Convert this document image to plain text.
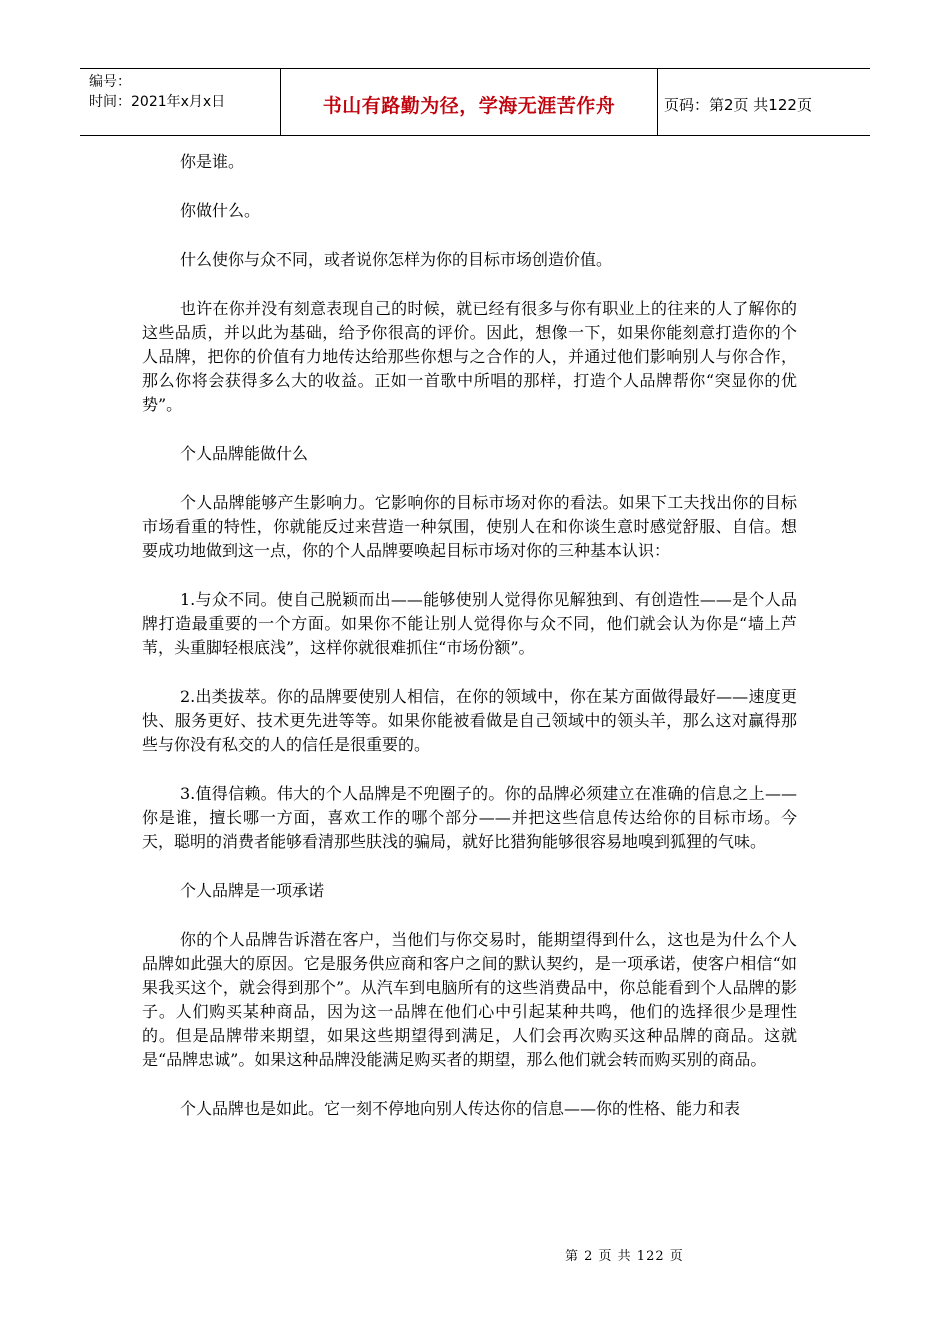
编号：
时间：2021年x月x日	书山有路勤为径，学海无涯苦作舟	页码：第2页 共122页

你是谁。

你做什么。

什么使你与众不同，或者说你怎样为你的目标市场创造价值。

也许在你并没有刻意表现自己的时候，就已经有很多与你有职业上的往来的人了解你的这些品质，并以此为基础，给予你很高的评价。因此，想像一下，如果你能刻意打造你的个人品牌，把你的价值有力地传达给那些你想与之合作的人，并通过他们影响别人与你合作，那么你将会获得多么大的收益。正如一首歌中所唱的那样，打造个人品牌帮你“突显你的优势”。

个人品牌能做什么

个人品牌能够产生影响力。它影响你的目标市场对你的看法。如果下工夫找出你的目标市场看重的特性，你就能反过来营造一种氛围，使别人在和你谈生意时感觉舒服、自信。想要成功地做到这一点，你的个人品牌要唤起目标市场对你的三种基本认识：

1.与众不同。使自己脱颖而出——能够使别人觉得你见解独到、有创造性——是个人品牌打造最重要的一个方面。如果你不能让别人觉得你与众不同，他们就会认为你是“墙上芦苇，头重脚轻根底浅”，这样你就很难抓住“市场份额”。

2.出类拔萃。你的品牌要使别人相信，在你的领域中，你在某方面做得最好——速度更快、服务更好、技术更先进等等。如果你能被看做是自己领域中的领头羊，那么这对赢得那些与你没有私交的人的信任是很重要的。

3.值得信赖。伟大的个人品牌是不兜圈子的。你的品牌必须建立在准确的信息之上——你是谁，擅长哪一方面，喜欢工作的哪个部分——并把这些信息传达给你的目标市场。今天，聪明的消费者能够看清那些肤浅的骗局，就好比猎狗能够很容易地嗅到狐狸的气味。

个人品牌是一项承诺

你的个人品牌告诉潜在客户，当他们与你交易时，能期望得到什么，这也是为什么个人品牌如此强大的原因。它是服务供应商和客户之间的默认契约，是一项承诺，使客户相信“如果我买这个，就会得到那个”。从汽车到电脑所有的这些消费品中，你总能看到个人品牌的影子。人们购买某种商品，因为这一品牌在他们心中引起某种共鸣，他们的选择很少是理性的。但是品牌带来期望，如果这些期望得到满足，人们会再次购买这种品牌的商品。这就是“品牌忠诚”。如果这种品牌没能满足购买者的期望，那么他们就会转而购买别的商品。

个人品牌也是如此。它一刻不停地向别人传达你的信息——你的性格、能力和表

第 2 页 共 122 页
